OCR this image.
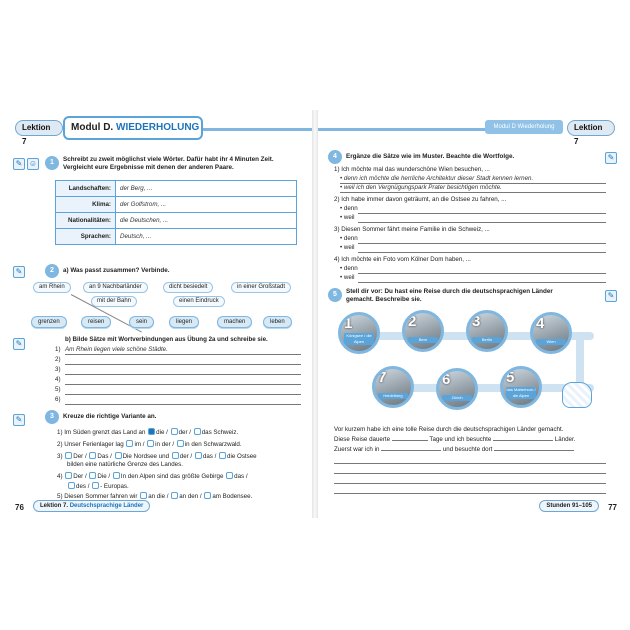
Lektion 7
Modul D. WIEDERHOLUNG
✎ ☺	1	Schreibt zu zweit möglichst viele Wörter. Dafür habt ihr 4 Minuten Zeit.
Vergleicht eure Ergebnisse mit denen der anderen Paare.
Landschaften:	der Berg, ...
Klima:	der Golfstrom, ...
Nationalitäten:	die Deutschen, ...
Sprachen:	Deutsch, ...
✎	2	a) Was passt zusammen? Verbinde.
am Rhein	an 9 Nachbarländer	dicht besiedelt	in einer Großstadt
mit der Bahn	einen Eindruck
grenzen	reisen	sein	liegen	machen	leben
✎	b) Bilde Sätze mit Wortverbindungen aus Übung 2a und schreibe sie.
1) Am Rhein liegen viele schöne Städte.
2)
3)
4)
5)
6)
✎	3	Kreuze die richtige Variante an.
1) Im Süden grenzt das Land an die / der / das Schweiz.
2) Unser Ferienlager lag im / in der / in den Schwarzwald.
3) Der / Das / Die Nordsee und der / das / die Ostsee
bilden eine natürliche Grenze des Landes.
4) Der / Die / In den Alpen sind das größte Gebirge das /
des / - Europas.
5) Diesen Sommer fahren wir an die / an den / am Bodensee.
76	Lektion 7. Deutschsprachige Länder
Modul D Wiederholung	Lektion 7
4	Ergänze die Sätze wie im Muster. Beachte die Wortfolge.	✎
1) Ich möchte mal das wunderschöne Wien besuchen, ...
• denn ich möchte die herrliche Architektur dieser Stadt kennen lernen.
• weil ich den Vergnügungspark Prater besichtigen möchte.
2) Ich habe immer davon geträumt, an die Ostsee zu fahren, ...
• denn
• weil
3) Diesen Sommer fährt meine Familie in die Schweiz, ...
• denn
• weil
4) Ich möchte ein Foto vom Kölner Dom haben, ...
• denn
• weil
5	Stell dir vor: Du hast eine Reise durch die deutschsprachigen Länder
gemacht. Beschreibe sie.	✎
1
Königsee / die Alpen
2
Bern
3
Berlin
4
Wien
5
das Matterhorn / die Alpen
6
Zürich
7
Heidelberg
Vor kurzem habe ich eine tolle Reise durch die deutschsprachigen Länder gemacht.
Diese Reise dauerte	Tage und ich besuchte	Länder.
Zuerst war ich in	und besuchte dort
Stunden 91–105	77
